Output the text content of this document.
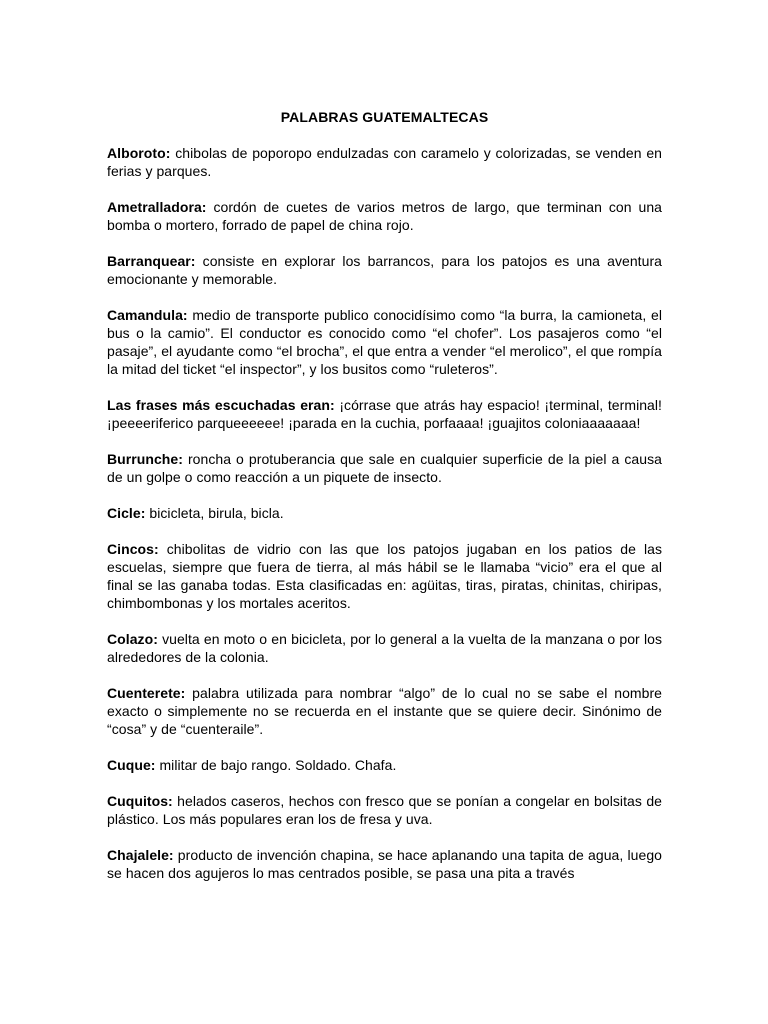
PALABRAS GUATEMALTECAS

Alboroto: chibolas de poporopo endulzadas con caramelo y colorizadas, se venden en ferias y parques.

Ametralladora: cordón de cuetes de varios metros de largo, que terminan con una bomba o mortero, forrado de papel de china rojo.

Barranquear: consiste en explorar los barrancos, para los patojos es una aventura emocionante y memorable.

Camandula: medio de transporte publico conocidísimo como “la burra, la camioneta, el bus o la camio”. El conductor es conocido como “el chofer”. Los pasajeros como “el pasaje”, el ayudante como “el brocha”, el que entra a vender “el merolico”, el que rompía la mitad del ticket “el inspector”, y los busitos como “ruleteros”.

Las frases más escuchadas eran: ¡córrase que atrás hay espacio! ¡terminal, terminal! ¡peeeeriferico parqueeeeee! ¡parada en la cuchia, porfaaaa! ¡guajitos coloniaaaaaaa!

Burrunche: roncha o protuberancia que sale en cualquier superficie de la piel a causa de un golpe o como reacción a un piquete de insecto.

Cicle: bicicleta, birula, bicla.

Cincos: chibolitas de vidrio con las que los patojos jugaban en los patios de las escuelas, siempre que fuera de tierra, al más hábil se le llamaba “vicio” era el que al final se las ganaba todas. Esta clasificadas en: agüitas, tiras, piratas, chinitas, chiripas, chimbombonas y los mortales aceritos.

Colazo: vuelta en moto o en bicicleta, por lo general a la vuelta de la manzana o por los alrededores de la colonia.

Cuenterete: palabra utilizada para nombrar “algo” de lo cual no se sabe el nombre exacto o simplemente no se recuerda en el instante que se quiere decir. Sinónimo de “cosa” y de “cuenteraile”.

Cuque: militar de bajo rango. Soldado. Chafa.

Cuquitos: helados caseros, hechos con fresco que se ponían a congelar en bolsitas de plástico. Los más populares eran los de fresa y uva.

Chajalele: producto de invención chapina, se hace aplanando una tapita de agua, luego se hacen dos agujeros lo mas centrados posible, se pasa una pita a través
